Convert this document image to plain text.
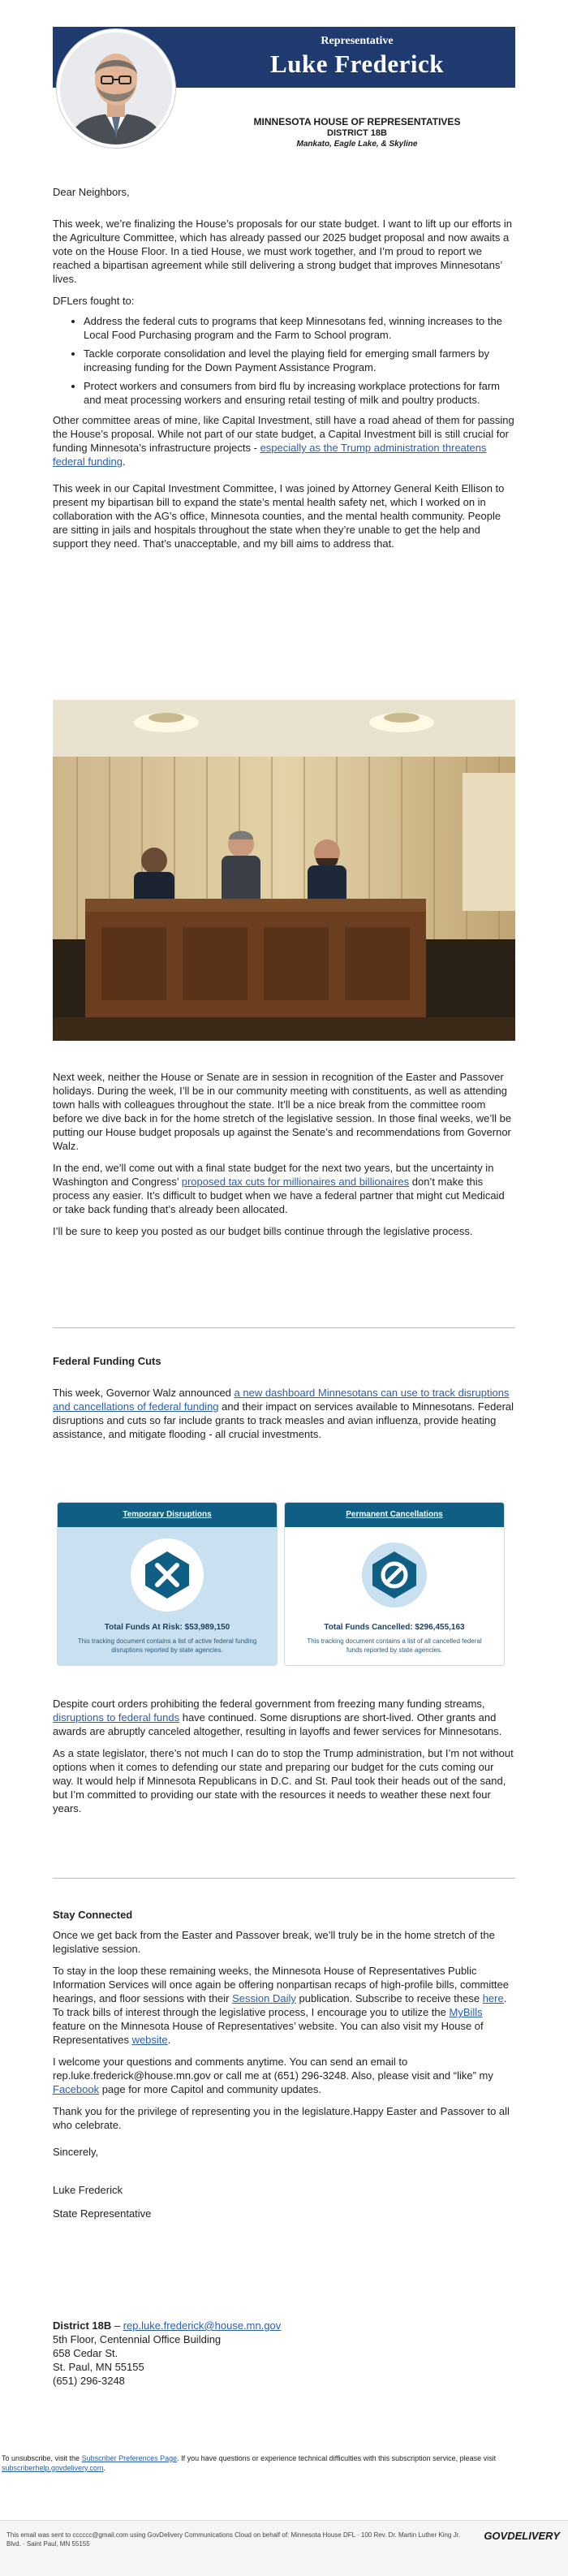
Representative
Luke Frederick
MINNESOTA HOUSE OF REPRESENTATIVES
DISTRICT 18B
Mankato, Eagle Lake, & Skyline

Dear Neighbors,

This week, we’re finalizing the House’s proposals for our state budget. I want to lift up our efforts in the Agriculture Committee, which has already passed our 2025 budget proposal and now awaits a vote on the House Floor. In a tied House, we must work together, and I’m proud to report we reached a bipartisan agreement while still delivering a strong budget that improves Minnesotans’ lives.

DFLers fought to:

• Address the federal cuts to programs that keep Minnesotans fed, winning increases to the Local Food Purchasing program and the Farm to School program.
• Tackle corporate consolidation and level the playing field for emerging small farmers by increasing funding for the Down Payment Assistance Program.
• Protect workers and consumers from bird flu by increasing workplace protections for farm and meat processing workers and ensuring retail testing of milk and poultry products.

Other committee areas of mine, like Capital Investment, still have a road ahead of them for passing the House’s proposal. While not part of our state budget, a Capital Investment bill is still crucial for funding Minnesota’s infrastructure projects - especially as the Trump administration threatens federal funding.

This week in our Capital Investment Committee, I was joined by Attorney General Keith Ellison to present my bipartisan bill to expand the state’s mental health safety net, which I worked on in collaboration with the AG’s office, Minnesota counties, and the mental health community. People are sitting in jails and hospitals throughout the state when they’re unable to get the help and support they need. That’s unacceptable, and my bill aims to address that.

Next week, neither the House or Senate are in session in recognition of the Easter and Passover holidays. During the week, I’ll be in our community meeting with constituents, as well as attending town halls with colleagues throughout the state. It’ll be a nice break from the committee room before we dive back in for the home stretch of the legislative session. In those final weeks, we’ll be putting our House budget proposals up against the Senate’s and recommendations from Governor Walz.

In the end, we’ll come out with a final state budget for the next two years, but the uncertainty in Washington and Congress’ proposed tax cuts for millionaires and billionaires don’t make this process any easier. It’s difficult to budget when we have a federal partner that might cut Medicaid or take back funding that’s already been allocated.

I’ll be sure to keep you posted as our budget bills continue through the legislative process.

Federal Funding Cuts

This week, Governor Walz announced a new dashboard Minnesotans can use to track disruptions and cancellations of federal funding and their impact on services available to Minnesotans. Federal disruptions and cuts so far include grants to track measles and avian influenza, provide heating assistance, and mitigate flooding - all crucial investments.

Temporary Disruptions
Total Funds At Risk: $53,989,150
This tracking document contains a list of active federal funding disruptions reported by state agencies.
Permanent Cancellations
Total Funds Cancelled: $296,455,163
This tracking document contains a list of all cancelled federal funds reported by state agencies.

Despite court orders prohibiting the federal government from freezing many funding streams, disruptions to federal funds have continued. Some disruptions are short-lived. Other grants and awards are abruptly canceled altogether, resulting in layoffs and fewer services for Minnesotans.

As a state legislator, there’s not much I can do to stop the Trump administration, but I’m not without options when it comes to defending our state and preparing our budget for the cuts coming our way. It would help if Minnesota Republicans in D.C. and St. Paul took their heads out of the sand, but I’m committed to providing our state with the resources it needs to weather these next four years.

Stay Connected

Once we get back from the Easter and Passover break, we’ll truly be in the home stretch of the legislative session.

To stay in the loop these remaining weeks, the Minnesota House of Representatives Public Information Services will once again be offering nonpartisan recaps of high-profile bills, committee hearings, and floor sessions with their Session Daily publication. Subscribe to receive these here. To track bills of interest through the legislative process, I encourage you to utilize the MyBills feature on the Minnesota House of Representatives’ website. You can also visit my House of Representatives website.

I welcome your questions and comments anytime. You can send an email to rep.luke.frederick@house.mn.gov or call me at (651) 296-3248. Also, please visit and “like” my Facebook page for more Capitol and community updates.

Thank you for the privilege of representing you in the legislature.Happy Easter and Passover to all who celebrate.

Sincerely,

Luke Frederick

State Representative

District 18B – rep.luke.frederick@house.mn.gov

5th Floor, Centennial Office Building

658 Cedar St.

St. Paul, MN 55155

(651) 296-3248

To unsubscribe, visit the Subscriber Preferences Page. If you have questions or experience technical difficulties with this subscription service, please visit subscriberhelp.govdelivery.com.
This email was sent to cccccc@gmail.com using GovDelivery Communications Cloud on behalf of: Minnesota House DFL · 100 Rev. Dr. Martin Luther King Jr. Blvd. · Saint Paul, MN 55155
GOVDELIVERY
